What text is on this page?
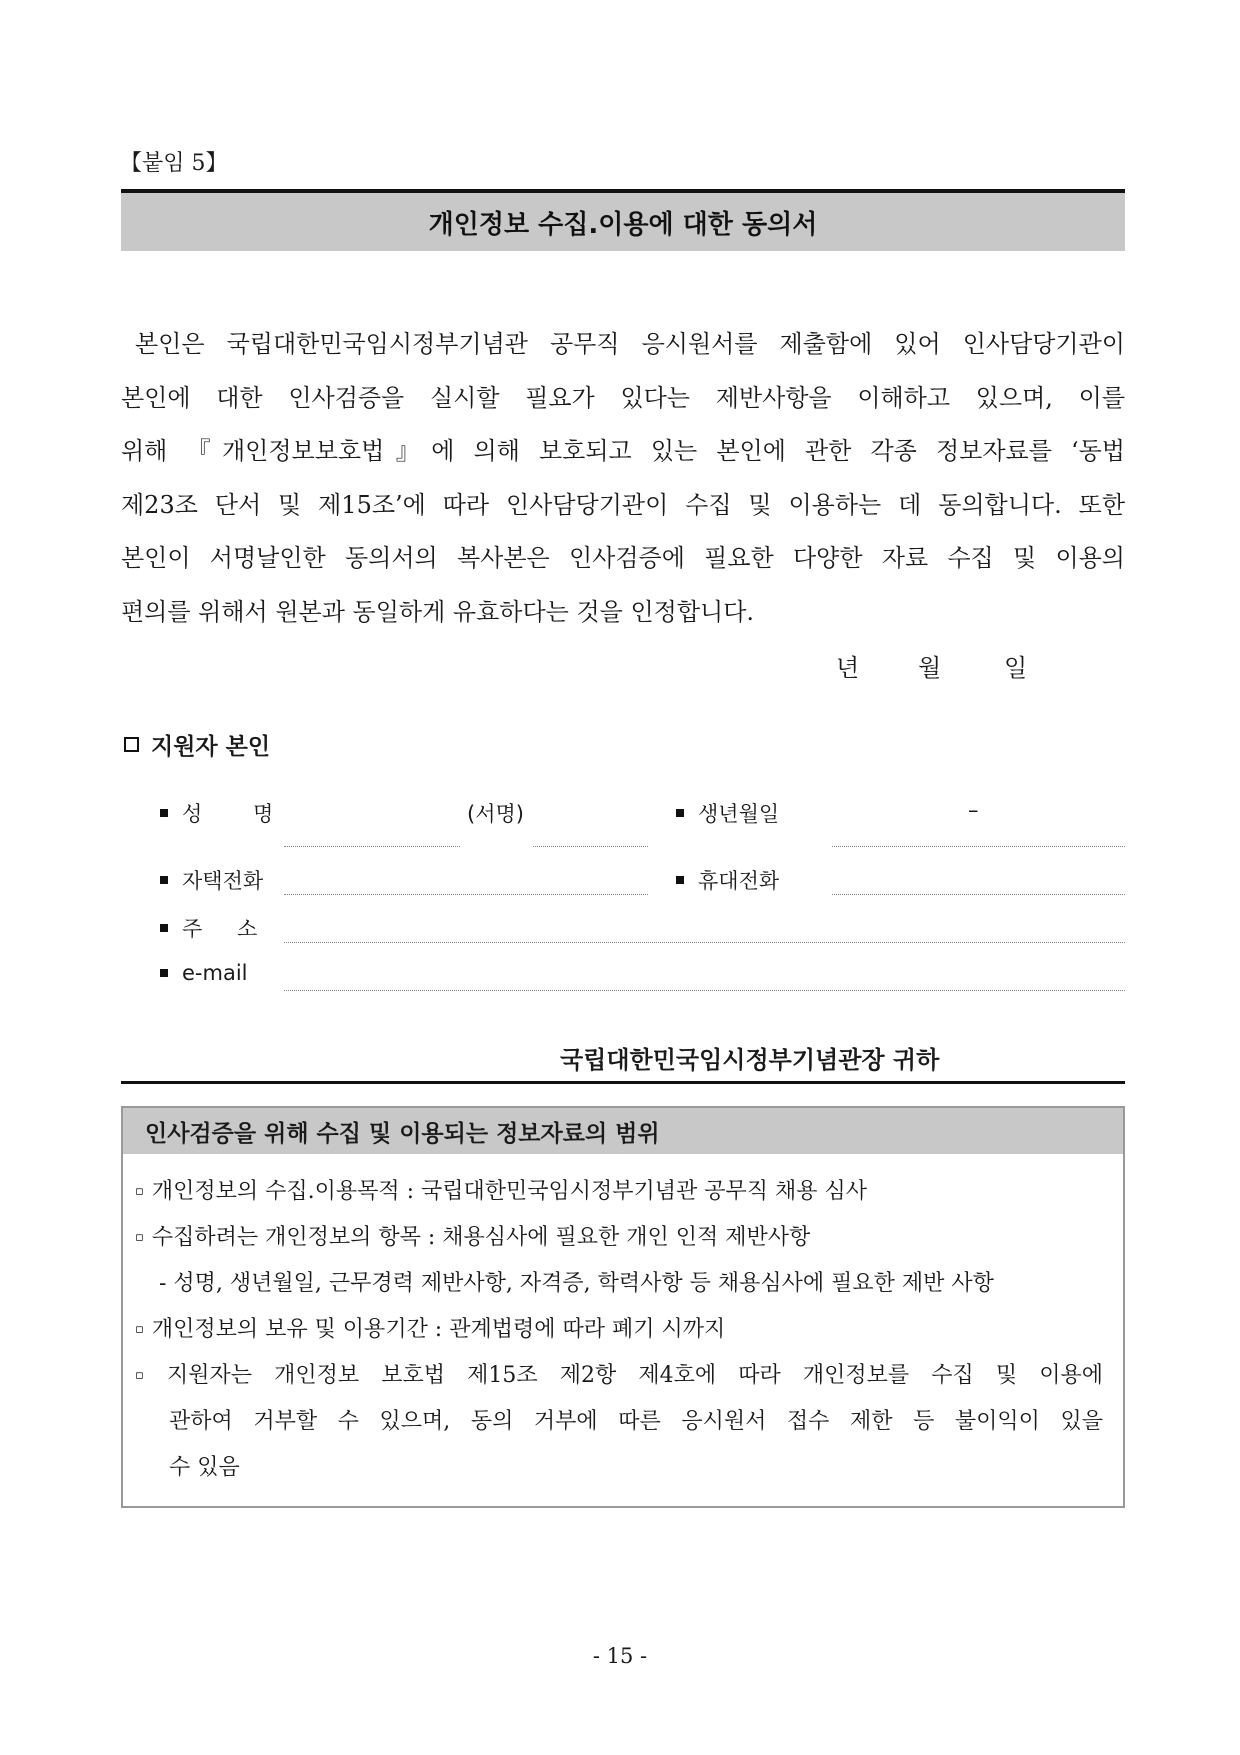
【붙임 5】
개인정보 수집.이용에 대한 동의서

본인은 국립대한민국임시정부기념관 공무직 응시원서를 제출함에 있어 인사담당기관이

본인에 대한 인사검증을 실시할 필요가 있다는 제반사항을 이해하고 있으며, 이를

위해 『개인정보보호법』에 의해 보호되고 있는 본인에 관한 각종 정보자료를 ‘동법

제23조 단서 및 제15조’에 따라 인사담당기관이 수집 및 이용하는 데 동의합니다. 또한

본인이 서명날인한 동의서의 복사본은 인사검증에 필요한 다양한 자료 수집 및 이용의

편의를 위해서 원본과 동일하게 유효하다는 것을 인정합니다.

년 월	일
지원자 본인
성 명	(서명)	생년월일	–
자택전화	휴대전화
주 소
e-mail
국립대한민국임시정부기념관장 귀하
인사검증을 위해 수집 및 이용되는 정보자료의 범위
▫ 개인정보의 수집.이용목적 : 국립대한민국임시정부기념관 공무직 채용 심사
▫ 수집하려는 개인정보의 항목 : 채용심사에 필요한 개인 인적 제반사항
- 성명, 생년월일, 근무경력 제반사항, 자격증, 학력사항 등 채용심사에 필요한 제반 사항
▫ 개인정보의 보유 및 이용기간 : 관계법령에 따라 폐기 시까지
▫ 지원자는 개인정보 보호법 제15조 제2항 제4호에 따라 개인정보를 수집 및 이용에
관하여 거부할 수 있으며, 동의 거부에 따른 응시원서 접수 제한 등 불이익이 있을
수 있음
- 15 -
